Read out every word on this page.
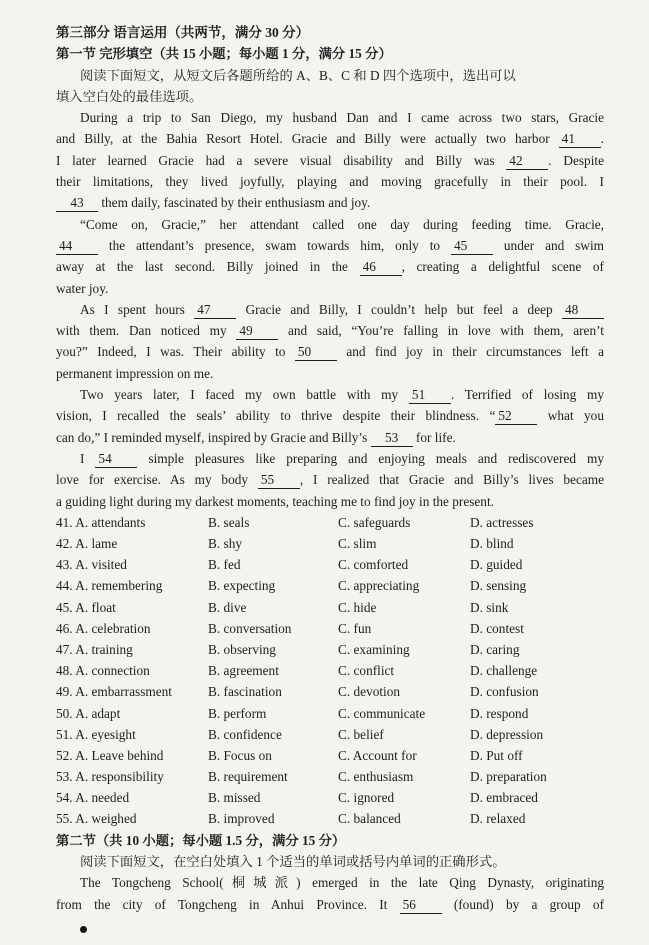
第三部分 语言运用（共两节，满分 30 分）
第一节 完形填空（共 15 小题；每小题 1 分，满分 15 分）
阅读下面短文，从短文后各题所给的 A、B、C 和 D 四个选项中，选出可以
填入空白处的最佳选项。
During a trip to San Diego, my husband Dan and I came across two stars, Gracie
and Billy, at the Bahia Resort Hotel. Gracie and Billy were actually two harbor 41 .
I later learned Gracie had a severe visual disability and Billy was 42 . Despite
their limitations, they lived joyfully, playing and moving gracefully in their pool. I
43 them daily, fascinated by their enthusiasm and joy.
“Come on, Gracie,” her attendant called one day during feeding time. Gracie,
44 the attendant’s presence, swam towards him, only to 45 under and swim
away at the last second. Billy joined in the 46 , creating a delightful scene of
water joy.
As I spent hours 47 Gracie and Billy, I couldn’t help but feel a deep 48
with them. Dan noticed my 49 and said, “You’re falling in love with them, aren’t
you?” Indeed, I was. Their ability to 50 and find joy in their circumstances left a
permanent impression on me.
Two years later, I faced my own battle with my 51 . Terrified of losing my
vision, I recalled the seals’ ability to thrive despite their blindness. “ 52 what you
can do,” I reminded myself, inspired by Gracie and Billy’s 53 for life.
I 54 simple pleasures like preparing and enjoying meals and rediscovered my
love for exercise. As my body 55 , I realized that Gracie and Billy’s lives became
a guiding light during my darkest moments, teaching me to find joy in the present.
41. A. attendants	B. seals	C. safeguards	D. actresses
42. A. lame	B. shy	C. slim	D. blind
43. A. visited	B. fed	C. comforted	D. guided
44. A. remembering	B. expecting	C. appreciating	D. sensing
45. A. float	B. dive	C. hide	D. sink
46. A. celebration	B. conversation	C. fun	D. contest
47. A. training	B. observing	C. examining	D. caring
48. A. connection	B. agreement	C. conflict	D. challenge
49. A. embarrassment	B. fascination	C. devotion	D. confusion
50. A. adapt	B. perform	C. communicate	D. respond
51. A. eyesight	B. confidence	C. belief	D. depression
52. A. Leave behind	B. Focus on	C. Account for	D. Put off
53. A. responsibility	B. requirement	C. enthusiasm	D. preparation
54. A. needed	B. missed	C. ignored	D. embraced
55. A. weighed	B. improved	C. balanced	D. relaxed
第二节（共 10 小题；每小题 1.5 分，满分 15 分）
阅读下面短文，在空白处填入 1 个适当的单词或括号内单词的正确形式。
The Tongcheng School(桐城派) emerged in the late Qing Dynasty, originating
from the city of Tongcheng in Anhui Province. It 56 (found) by a group of
